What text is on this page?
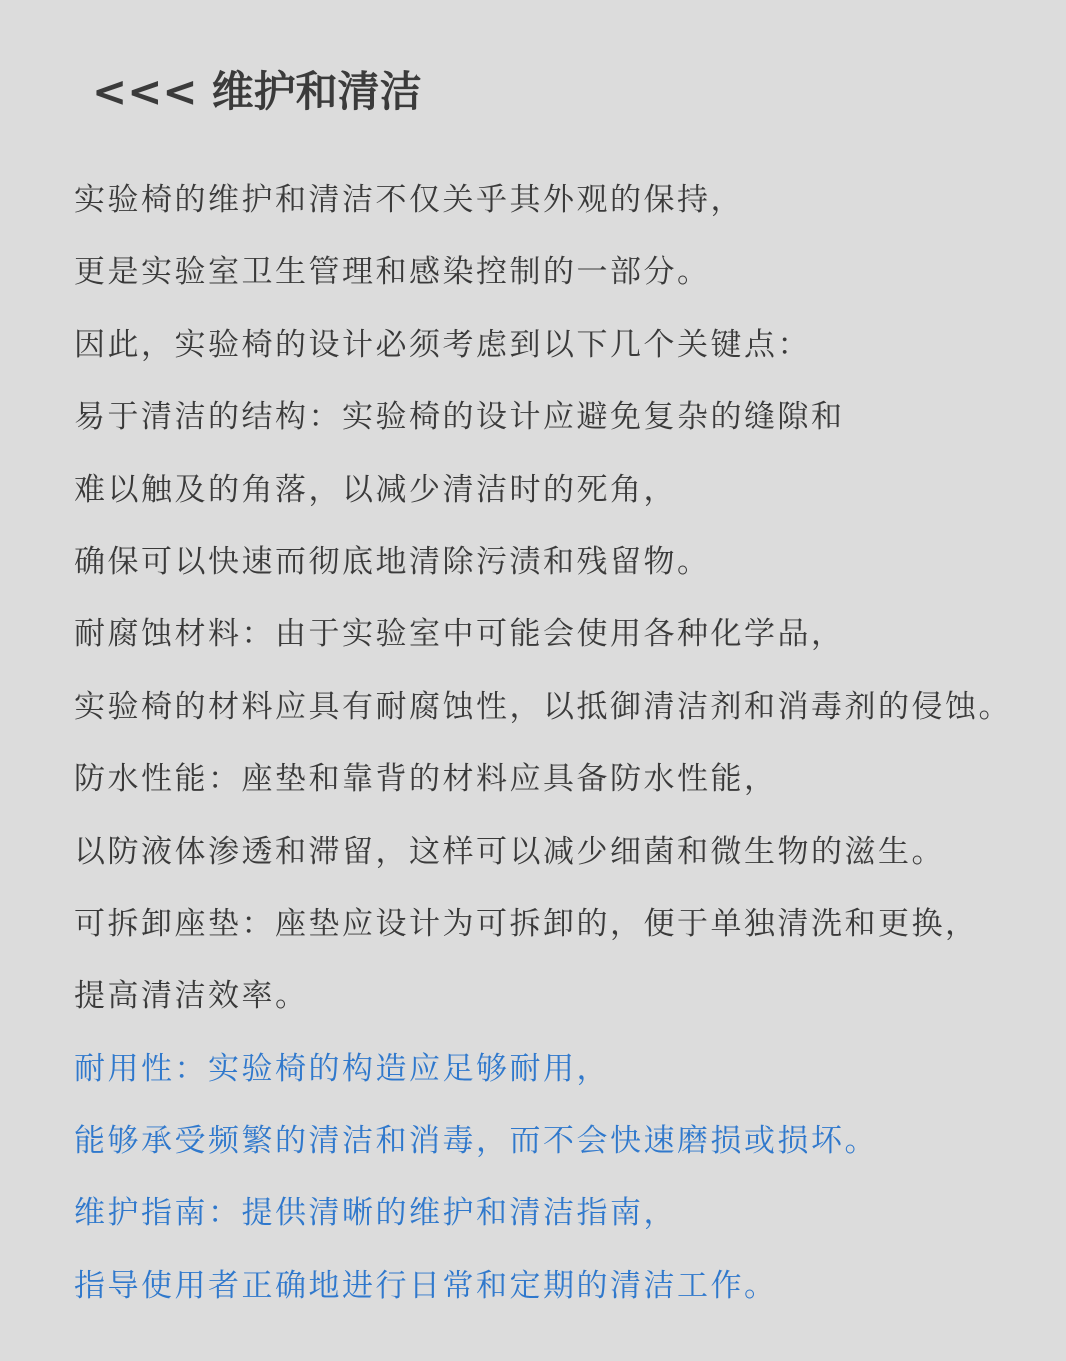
<<< 维护和清洁
实验椅的维护和清洁不仅关乎其外观的保持，
更是实验室卫生管理和感染控制的一部分。
因此，实验椅的设计必须考虑到以下几个关键点：
易于清洁的结构：实验椅的设计应避免复杂的缝隙和
难以触及的角落，以减少清洁时的死角，
确保可以快速而彻底地清除污渍和残留物。
耐腐蚀材料：由于实验室中可能会使用各种化学品，
实验椅的材料应具有耐腐蚀性，以抵御清洁剂和消毒剂的侵蚀。
防水性能：座垫和靠背的材料应具备防水性能，
以防液体渗透和滞留，这样可以减少细菌和微生物的滋生。
可拆卸座垫：座垫应设计为可拆卸的，便于单独清洗和更换，
提高清洁效率。
耐用性：实验椅的构造应足够耐用，
能够承受频繁的清洁和消毒，而不会快速磨损或损坏。
维护指南：提供清晰的维护和清洁指南，
指导使用者正确地进行日常和定期的清洁工作。
